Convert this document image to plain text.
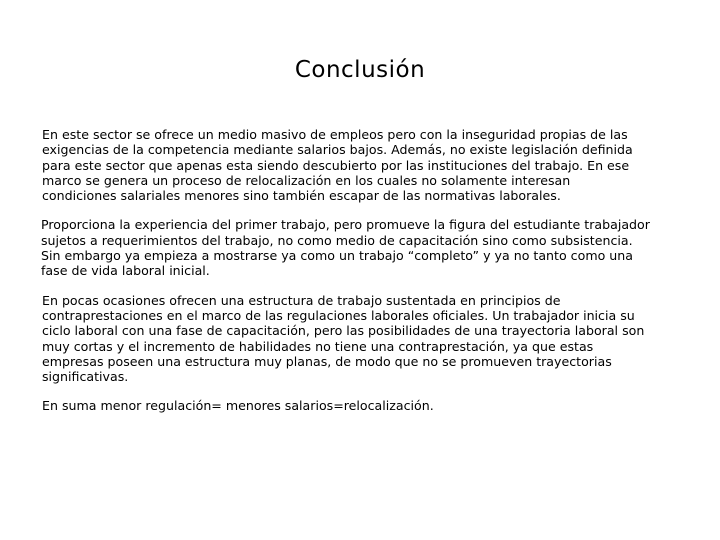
Conclusión

En este sector se ofrece un medio masivo de empleos pero con la inseguridad propias de las
exigencias de la competencia mediante salarios bajos. Además, no existe legislación definida
para este sector que apenas esta siendo descubierto por las instituciones del trabajo. En ese
marco se genera un proceso de relocalización en los cuales no solamente interesan
condiciones salariales menores sino también escapar de las normativas laborales.

Proporciona la experiencia del primer trabajo, pero promueve la figura del estudiante trabajador
sujetos a requerimientos del trabajo, no como medio de capacitación sino como subsistencia.
Sin embargo ya empieza a mostrarse ya como un trabajo “completo” y ya no tanto como una
fase de vida laboral inicial.

En pocas ocasiones ofrecen una estructura de trabajo sustentada en principios de
contraprestaciones en el marco de las regulaciones laborales oficiales. Un trabajador inicia su
ciclo laboral con una fase de capacitación, pero las posibilidades de una trayectoria laboral son
muy cortas y el incremento de habilidades no tiene una contraprestación, ya que estas
empresas poseen una estructura muy planas, de modo que no se promueven trayectorias
significativas.

En suma menor regulación= menores salarios=relocalización.
